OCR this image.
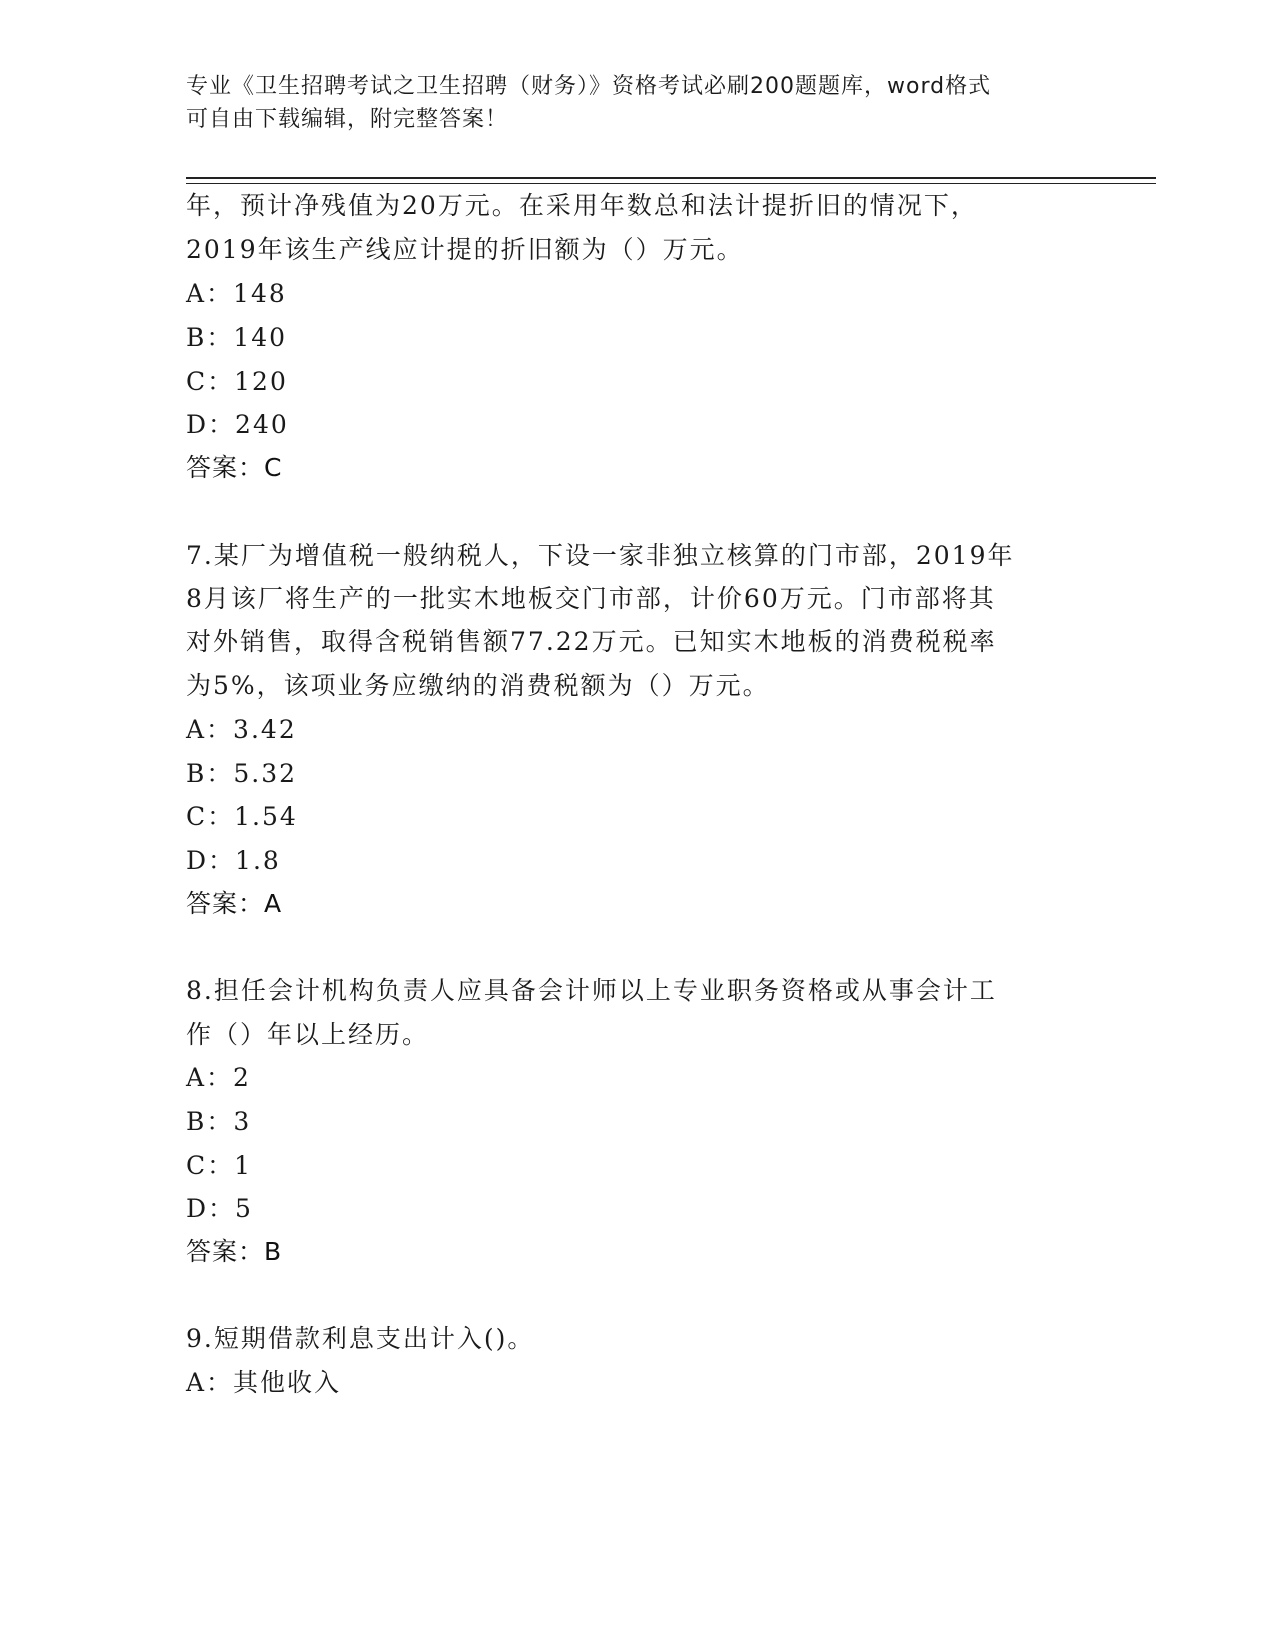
专业《卫生招聘考试之卫生招聘（财务）》资格考试必刷200题题库，word格式
可自由下载编辑，附完整答案！
年，预计净残值为20万元。在采用年数总和法计提折旧的情况下，
2019年该生产线应计提的折旧额为（）万元。
A：148
B：140
C：120
D：240
答案：C
7.某厂为增值税一般纳税人，下设一家非独立核算的门市部，2019年
8月该厂将生产的一批实木地板交门市部，计价60万元。门市部将其
对外销售，取得含税销售额77.22万元。已知实木地板的消费税税率
为5%，该项业务应缴纳的消费税额为（）万元。
A：3.42
B：5.32
C：1.54
D：1.8
答案：A
8.担任会计机构负责人应具备会计师以上专业职务资格或从事会计工
作（）年以上经历。
A：2
B：3
C：1
D：5
答案：B
9.短期借款利息支出计入()。
A：其他收入
